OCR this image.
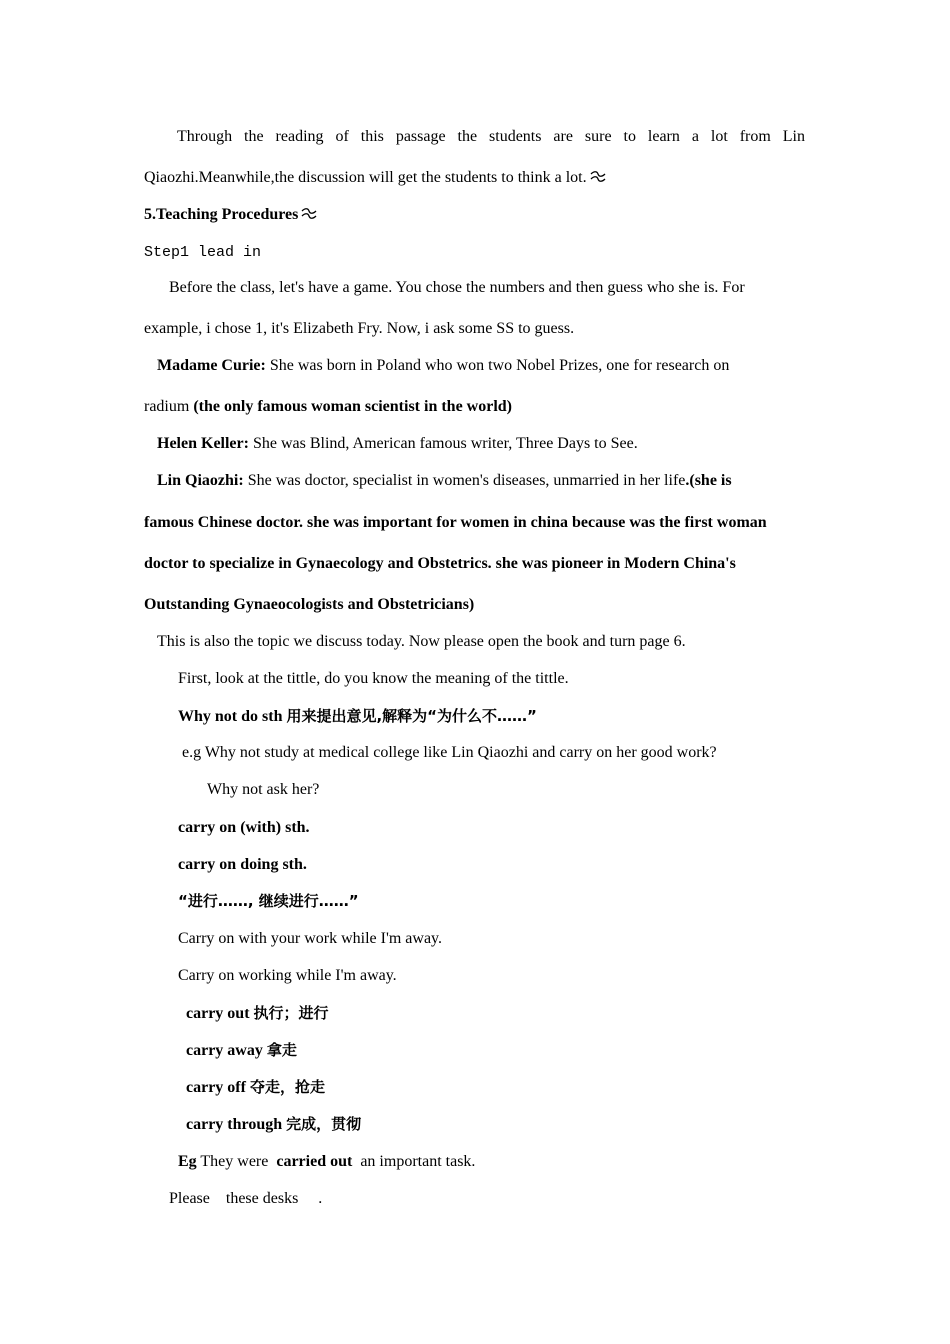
Through the reading of this passage the students are sure to learn a lot from Lin
Qiaozhi.Meanwhile,the discussion will get the students to think a lot.
5.Teaching Procedures
Step1 lead in
Before the class, let's have a game. You chose the numbers and then guess who she is. For
example, i chose 1, it's Elizabeth Fry. Now, i ask some SS to guess.
Madame Curie: She was born in Poland who won two Nobel Prizes, one for research on
radium (the only famous woman scientist in the world)
Helen Keller: She was Blind, American famous writer, Three Days to See.
Lin Qiaozhi: She was doctor, specialist in women's diseases, unmarried in her life.(she is
famous Chinese doctor. she was important for women in china because was the first woman
doctor to specialize in Gynaecology and Obstetrics. she was pioneer in Modern China's
Outstanding Gynaeocologists and Obstetricians)
This is also the topic we discuss today. Now please open the book and turn page 6.
First, look at the tittle, do you know the meaning of the tittle.
Why not do sth 用来提出意见,解释为“为什么不……”
e.g Why not study at medical college like Lin Qiaozhi and carry on her good work?
Why not ask her?
carry on (with) sth.
carry on doing sth.
“进行……, 继续进行……”
Carry on with your work while I'm away.
Carry on working while I'm away.
carry out 执行；进行
carry away 拿走
carry off 夺走，抢走
carry through 完成，贯彻
Eg They were  carried out  an important task.
Please    these desks     .
